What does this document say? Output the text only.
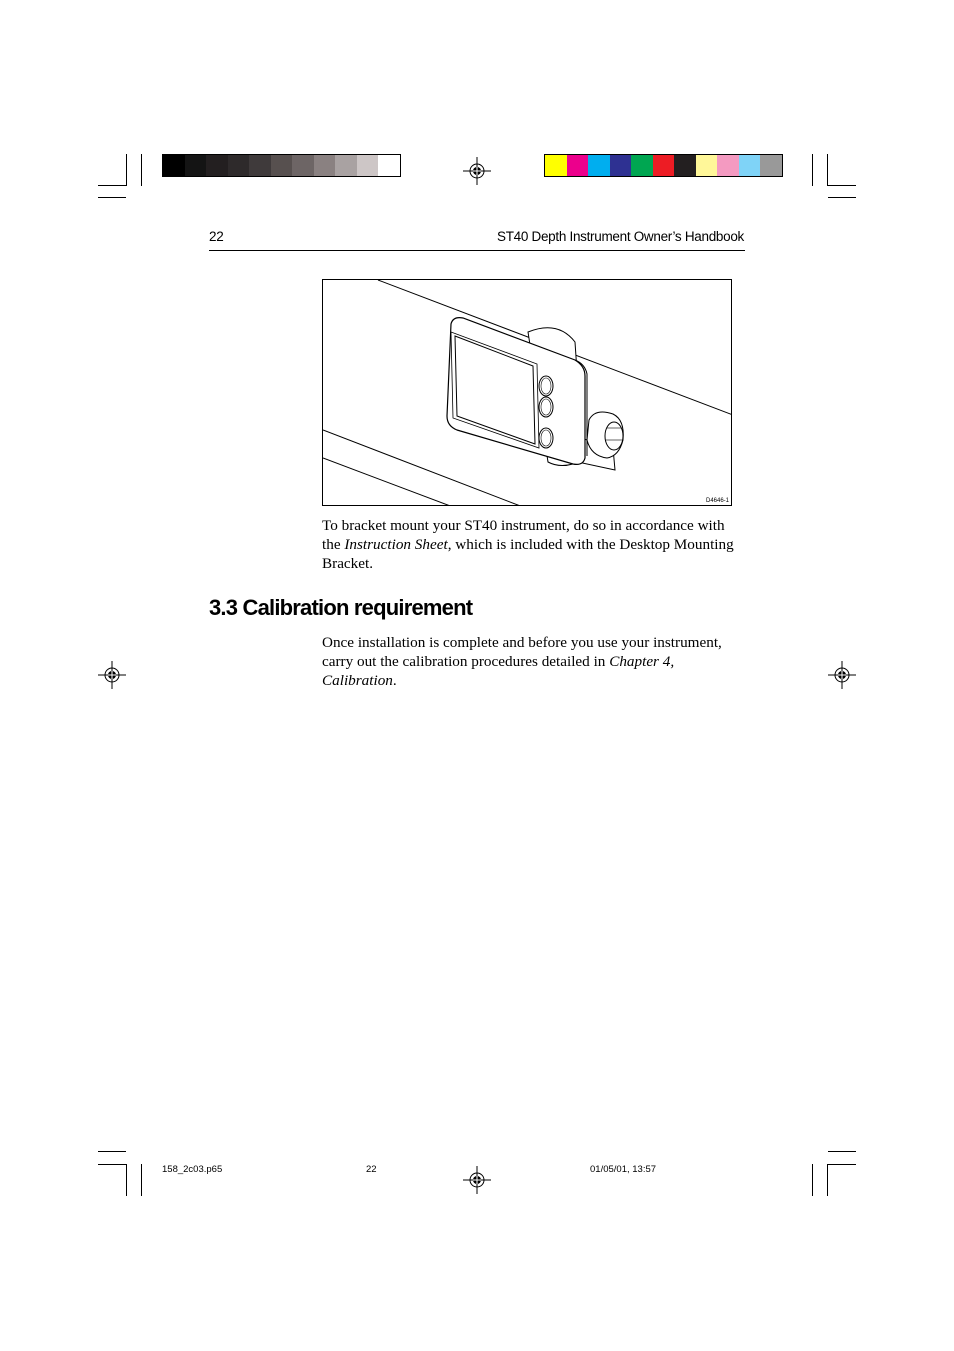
22	ST40 Depth Instrument Owner’s Handbook
D4646-1
To bracket mount your ST40 instrument, do so in accordance with the Instruction Sheet, which is included with the Desktop Mounting Bracket.
3.3 Calibration requirement
Once installation is complete and before you use your instrument, carry out the calibration procedures detailed in Chapter 4, Calibration.
158_2c03.p65	22	01/05/01, 13:57
